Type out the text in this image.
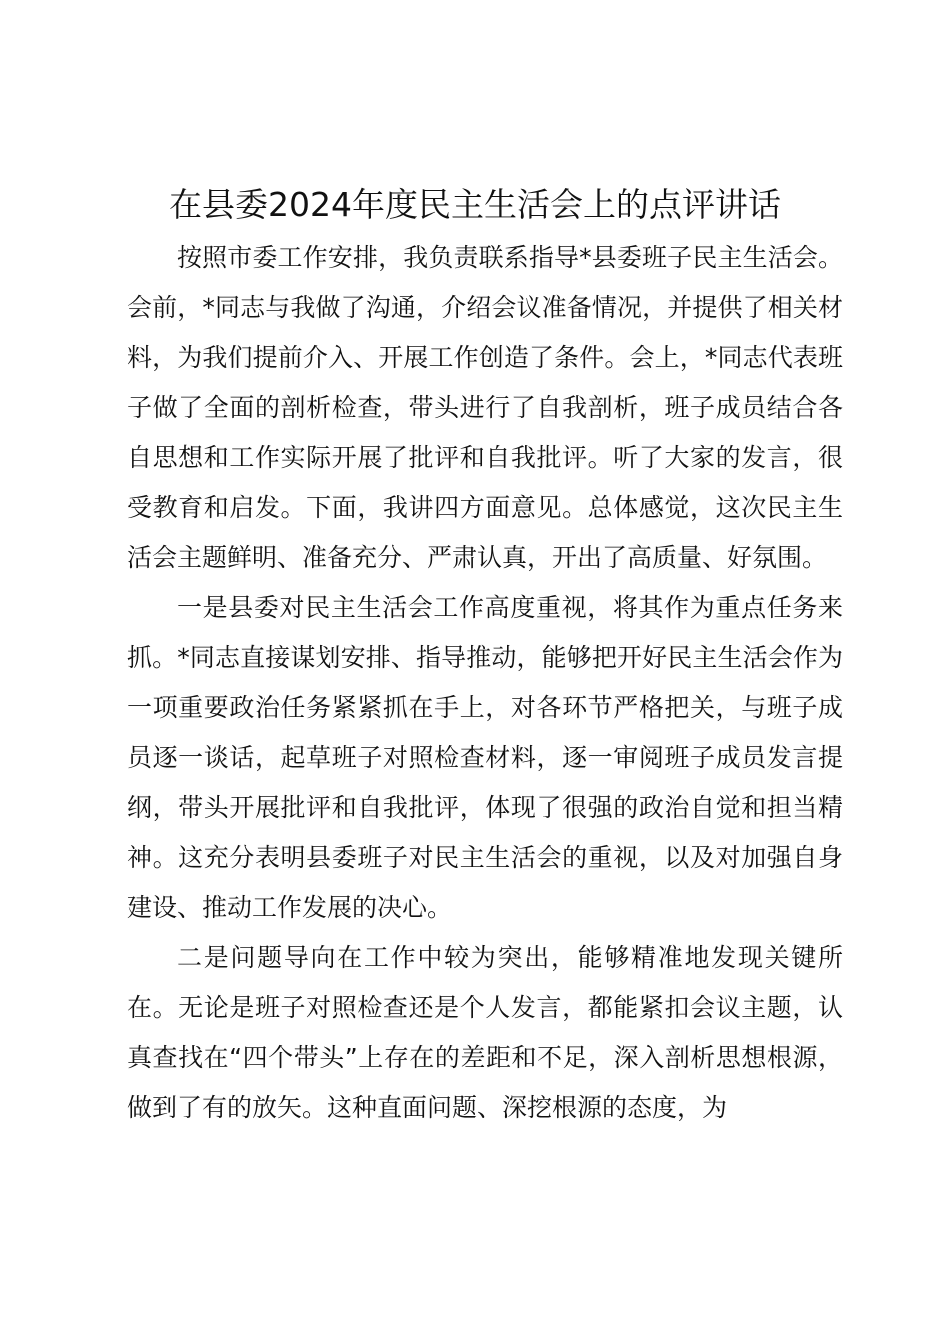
在县委2024年度民主生活会上的点评讲话

按照市委工作安排，我负责联系指导*县委班子民主生活会。会前，*同志与我做了沟通，介绍会议准备情况，并提供了相关材料，为我们提前介入、开展工作创造了条件。会上，*同志代表班子做了全面的剖析检查，带头进行了自我剖析，班子成员结合各自思想和工作实际开展了批评和自我批评。听了大家的发言，很受教育和启发。下面，我讲四方面意见。总体感觉，这次民主生活会主题鲜明、准备充分、严肃认真，开出了高质量、好氛围。

一是县委对民主生活会工作高度重视，将其作为重点任务来抓。*同志直接谋划安排、指导推动，能够把开好民主生活会作为一项重要政治任务紧紧抓在手上，对各环节严格把关，与班子成员逐一谈话，起草班子对照检查材料，逐一审阅班子成员发言提纲，带头开展批评和自我批评，体现了很强的政治自觉和担当精神。这充分表明县委班子对民主生活会的重视，以及对加强自身建设、推动工作发展的决心。

二是问题导向在工作中较为突出，能够精准地发现关键所在。无论是班子对照检查还是个人发言，都能紧扣会议主题，认真查找在“四个带头”上存在的差距和不足，深入剖析思想根源，做到了有的放矢。这种直面问题、深挖根源的态度，为
